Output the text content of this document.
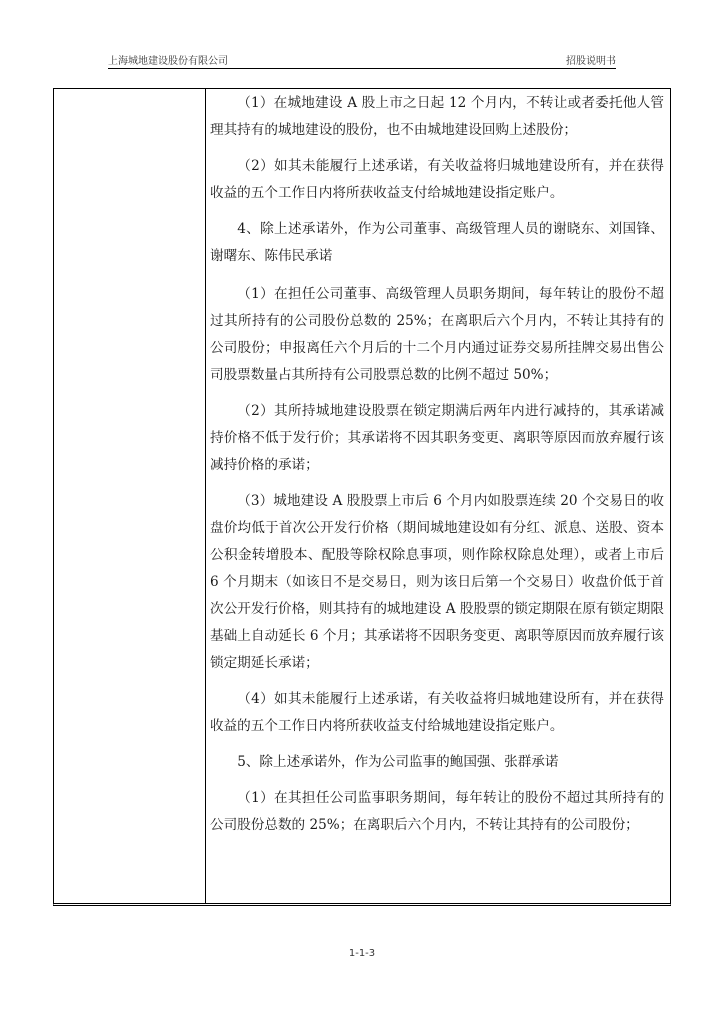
上海城地建设股份有限公司	招股说明书

（1）在城地建设 A 股上市之日起 12 个月内，不转让或者委托他人管理其持有的城地建设的股份，也不由城地建设回购上述股份；

（2）如其未能履行上述承诺，有关收益将归城地建设所有，并在获得收益的五个工作日内将所获收益支付给城地建设指定账户。

4、除上述承诺外，作为公司董事、高级管理人员的谢晓东、刘国锋、谢曙东、陈伟民承诺

（1）在担任公司董事、高级管理人员职务期间，每年转让的股份不超过其所持有的公司股份总数的 25%；在离职后六个月内，不转让其持有的公司股份；申报离任六个月后的十二个月内通过证券交易所挂牌交易出售公司股票数量占其所持有公司股票总数的比例不超过 50%；

（2）其所持城地建设股票在锁定期满后两年内进行减持的，其承诺减持价格不低于发行价；其承诺将不因其职务变更、离职等原因而放弃履行该减持价格的承诺；

（3）城地建设 A 股股票上市后 6 个月内如股票连续 20 个交易日的收盘价均低于首次公开发行价格（期间城地建设如有分红、派息、送股、资本公积金转增股本、配股等除权除息事项，则作除权除息处理），或者上市后 6 个月期末（如该日不是交易日，则为该日后第一个交易日）收盘价低于首次公开发行价格，则其持有的城地建设 A 股股票的锁定期限在原有锁定期限基础上自动延长 6 个月；其承诺将不因职务变更、离职等原因而放弃履行该锁定期延长承诺；

（4）如其未能履行上述承诺，有关收益将归城地建设所有，并在获得收益的五个工作日内将所获收益支付给城地建设指定账户。

5、除上述承诺外，作为公司监事的鲍国强、张群承诺

（1）在其担任公司监事职务期间，每年转让的股份不超过其所持有的公司股份总数的 25%；在离职后六个月内，不转让其持有的公司股份；

1-1-3
